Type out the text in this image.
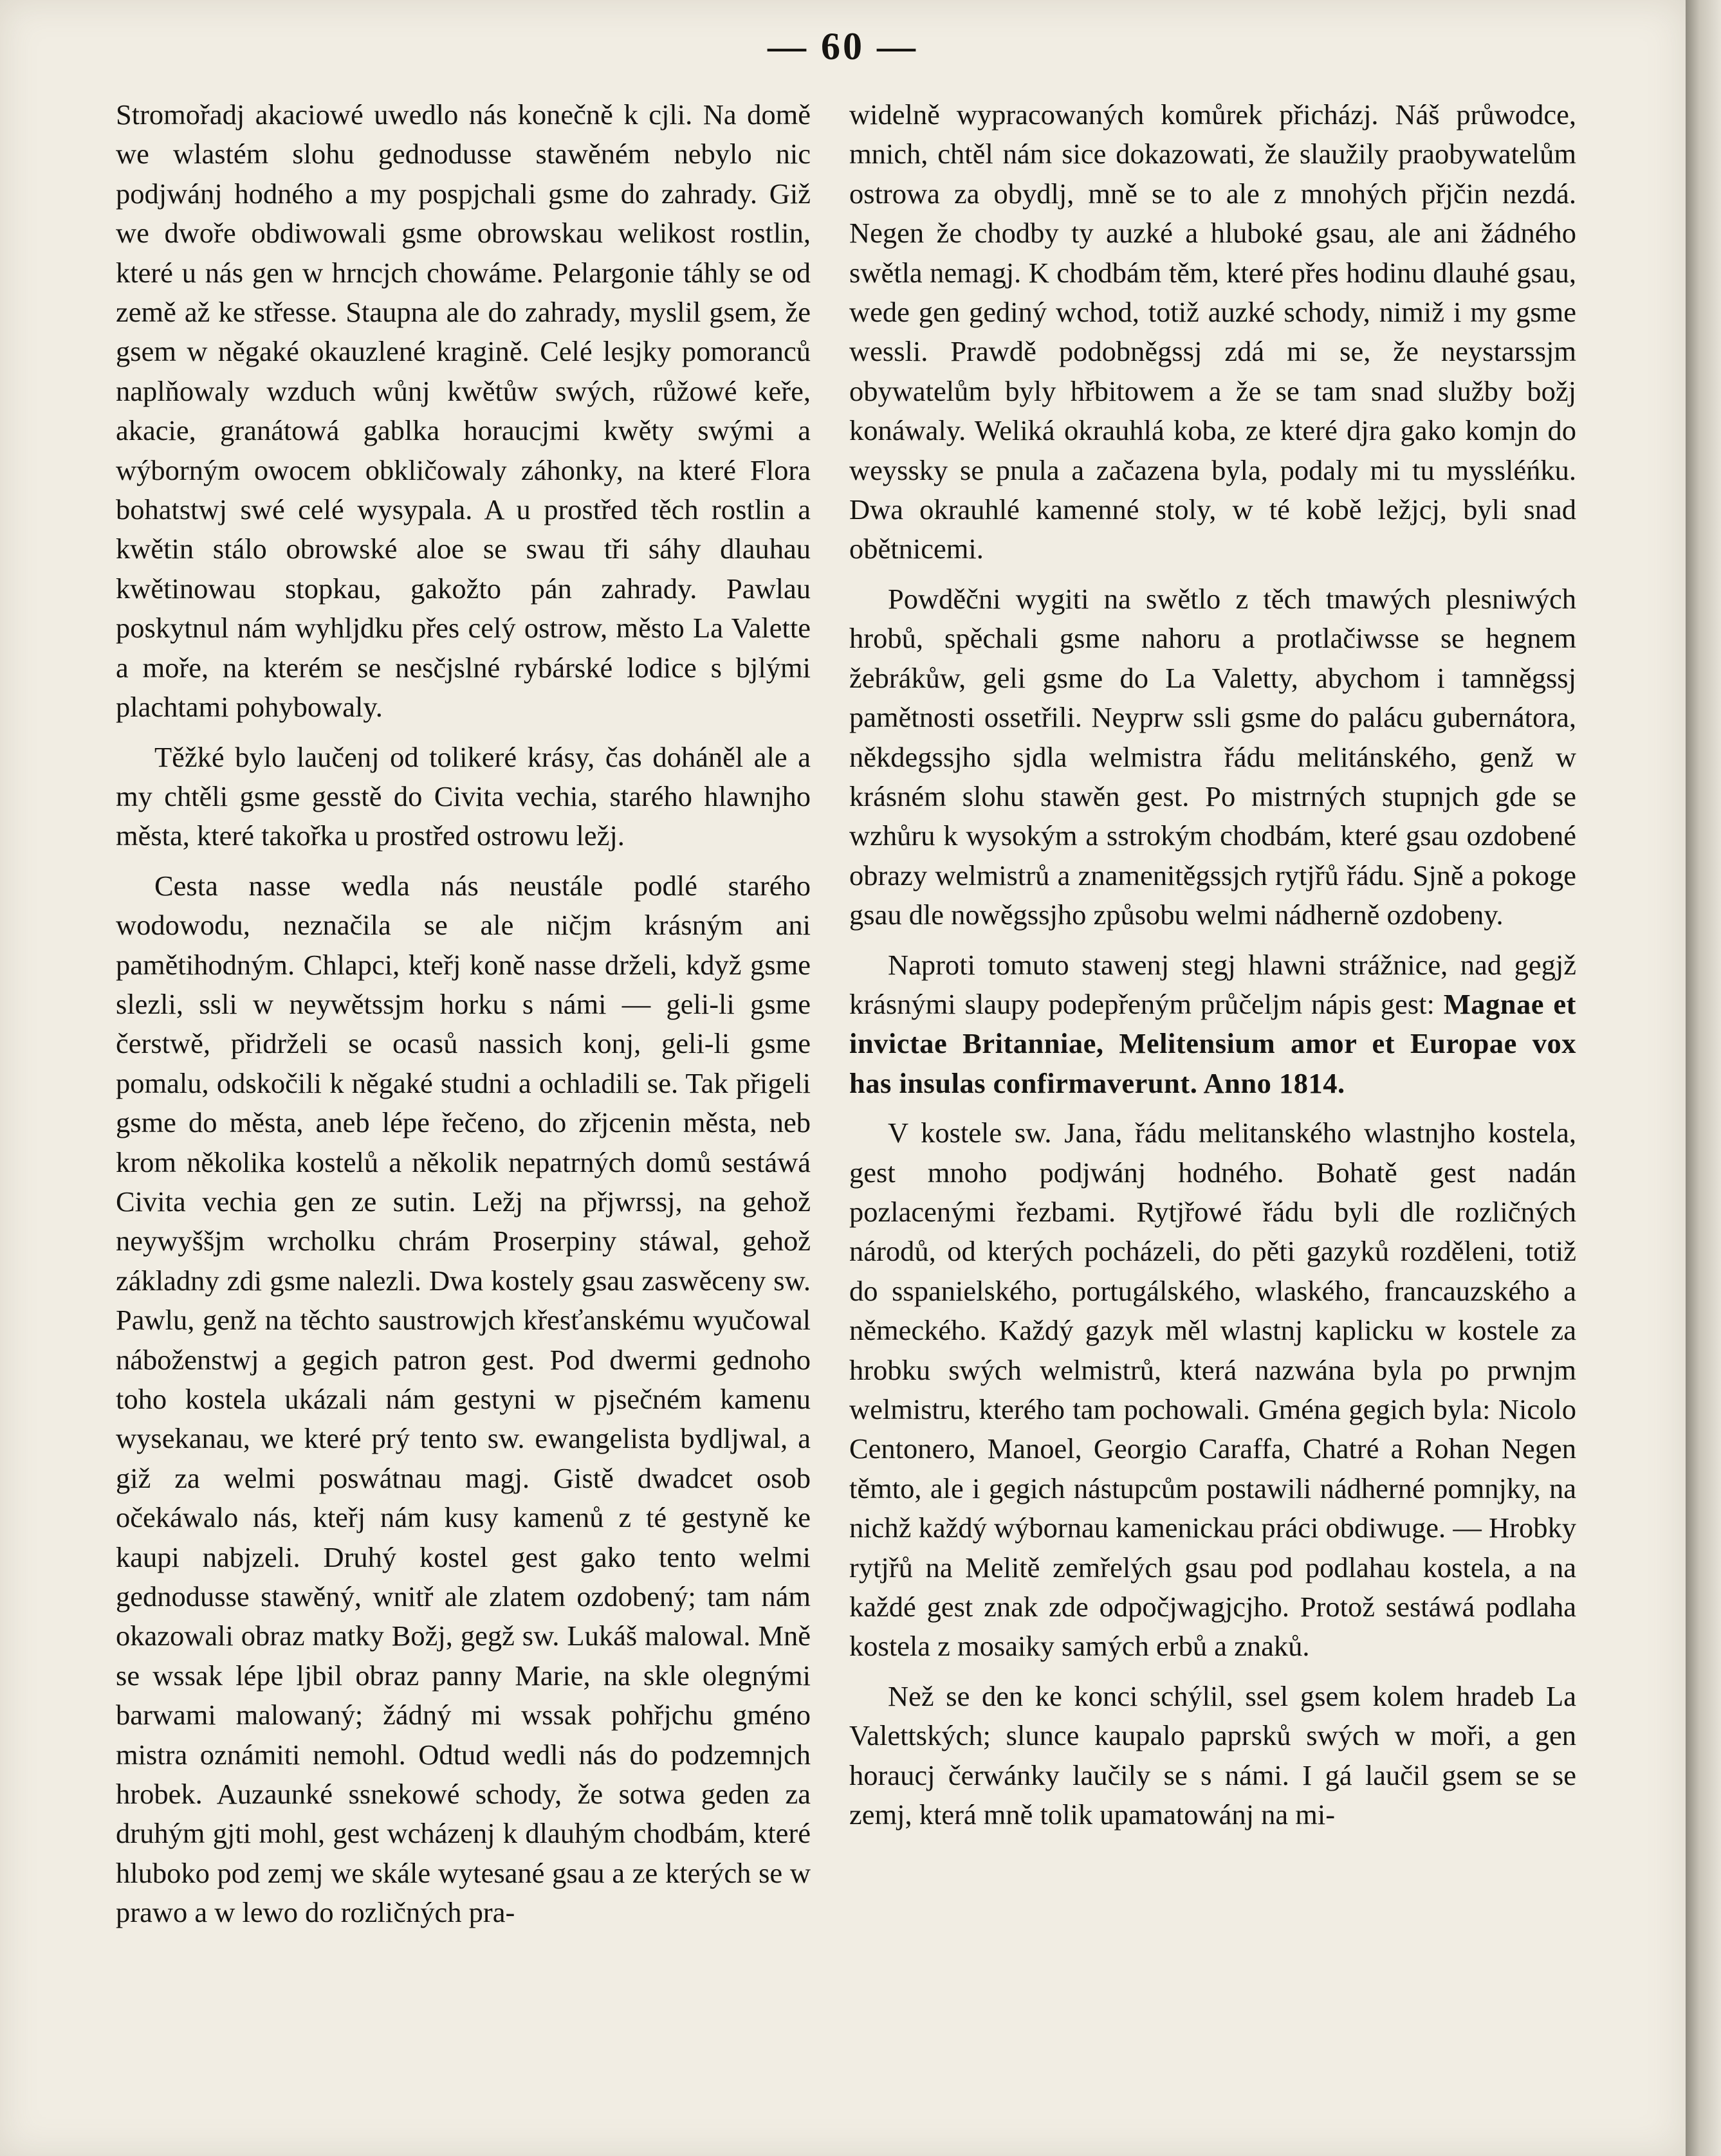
— 60 —

Stromořadj akaciowé uwedlo nás konečně k cjli. Na domě we wlastém slohu gednodusse stawěném nebylo nic podjwánj hodného a my pospjchali gsme do zahrady. Giž we dwoře obdiwowali gsme obrowskau welikost rostlin, které u nás gen w hrncjch chowáme. Pelargonie táhly se od země až ke střesse. Staupna ale do zahrady, myslil gsem, že gsem w něgaké okauzlené kragině. Celé lesjky pomoranců naplňowaly wzduch wůnj kwětůw swých, růžowé keře, akacie, granátowá gablka horaucjmi kwěty swými a wýborným owocem obkličowaly záhonky, na které Flora bohatstwj swé celé wysypala. A u prostřed těch rostlin a kwětin stálo obrowské aloe se swau tři sáhy dlauhau kwětinowau stopkau, gakožto pán zahrady. Pawlau poskytnul nám wyhljdku přes celý ostrow, město La Valette a moře, na kterém se nesčjslné rybárské lodice s bjlými plachtami pohybowaly.

Těžké bylo laučenj od tolikeré krásy, čas doháněl ale a my chtěli gsme gesstě do Civita vechia, starého hlawnjho města, které takořka u prostřed ostrowu ležj.

Cesta nasse wedla nás neustále podlé starého wodowodu, neznačila se ale ničjm krásným ani pamětihodným. Chlapci, kteřj koně nasse drželi, když gsme slezli, ssli w neywětssjm horku s námi — geli-li gsme čerstwě, přidrželi se ocasů nassich konj, geli-li gsme pomalu, odskočili k něgaké studni a ochladili se. Tak přigeli gsme do města, aneb lépe řečeno, do zřjcenin města, neb krom několika kostelů a několik nepatrných domů sestáwá Civita vechia gen ze sutin. Ležj na přjwrssj, na gehož neywyššjm wrcholku chrám Proserpiny stáwal, gehož základny zdi gsme nalezli. Dwa kostely gsau zaswěceny sw. Pawlu, genž na těchto saustrowjch křesťanskému wyučowal náboženstwj a gegich patron gest. Pod dwermi gednoho toho kostela ukázali nám gestyni w pjsečném kamenu wysekanau, we které prý tento sw. ewangelista bydljwal, a giž za welmi poswátnau magj. Gistě dwadcet osob očekáwalo nás, kteřj nám kusy kamenů z té gestyně ke kaupi nabjzeli. Druhý kostel gest gako tento welmi gednodusse stawěný, wnitř ale zlatem ozdobený; tam nám okazowali obraz matky Božj, gegž sw. Lukáš malowal. Mně se wssak lépe ljbil obraz panny Marie, na skle olegnými barwami malowaný; žádný mi wssak pohřjchu gméno mistra oznámiti nemohl. Odtud wedli nás do podzemnjch hrobek. Auzaunké ssnekowé schody, že sotwa geden za druhým gjti mohl, gest wcházenj k dlauhým chodbám, které hluboko pod zemj we skále wytesané gsau a ze kterých se w prawo a w lewo do rozličných pra-

widelně wypracowaných komůrek přicházj. Náš průwodce, mnich, chtěl nám sice dokazowati, že slaužily praobywatelům ostrowa za obydlj, mně se to ale z mnohých přjčin nezdá. Negen že chodby ty auzké a hluboké gsau, ale ani žádného swětla nemagj. K chodbám těm, které přes hodinu dlauhé gsau, wede gen gediný wchod, totiž auzké schody, nimiž i my gsme wessli. Prawdě podobněgssj zdá mi se, že neystarssjm obywatelům byly hřbitowem a že se tam snad služby božj konáwaly. Weliká okrauhlá koba, ze které djra gako komjn do weyssky se pnula a začazena byla, podaly mi tu myssléńku. Dwa okrauhlé kamenné stoly, w té kobě ležjcj, byli snad obětnicemi.

Powděčni wygiti na swětlo z těch tmawých plesniwých hrobů, spěchali gsme nahoru a protlačiwsse se hegnem žebrákůw, geli gsme do La Valetty, abychom i tamněgssj pamětnosti ossetřili. Neyprw ssli gsme do palácu gubernátora, někdegssjho sjdla welmistra řádu melitánského, genž w krásném slohu stawěn gest. Po mistrných stupnjch gde se wzhůru k wysokým a sstrokým chodbám, které gsau ozdobené obrazy welmistrů a znamenitěgssjch rytjřů řádu. Sjně a pokoge gsau dle nowěgssjho způsobu welmi nádherně ozdobeny.

Naproti tomuto stawenj stegj hlawni strážnice, nad gegjž krásnými slaupy podepřeným průčeljm nápis gest: Magnae et invictae Britanniae, Melitensium amor et Europae vox has insulas confirmaverunt. Anno 1814.

V kostele sw. Jana, řádu melitanského wlastnjho kostela, gest mnoho podjwánj hodného. Bohatě gest nadán pozlacenými řezbami. Rytjřowé řádu byli dle rozličných národů, od kterých pocházeli, do pěti gazyků rozděleni, totiž do sspanielského, portugálského, wlaského, francauzského a německého. Každý gazyk měl wlastnj kaplicku w kostele za hrobku swých welmistrů, která nazwána byla po prwnjm welmistru, kterého tam pochowali. Gména gegich byla: Nicolo Centonero, Manoel, Georgio Caraffa, Chatré a Rohan Negen těmto, ale i gegich nástupcům postawili nádherné pomnjky, na nichž každý wýbornau kamenickau práci obdiwuge. — Hrobky rytjřů na Melitě zemřelých gsau pod podlahau kostela, a na každé gest znak zde odpočjwagjcjho. Protož sestáwá podlaha kostela z mosaiky samých erbů a znaků.

Než se den ke konci schýlil, ssel gsem kolem hradeb La Valettských; slunce kaupalo paprsků swých w moři, a gen horaucj čerwánky laučily se s námi. I gá laučil gsem se se zemj, která mně tolik upamatowánj na mi-
